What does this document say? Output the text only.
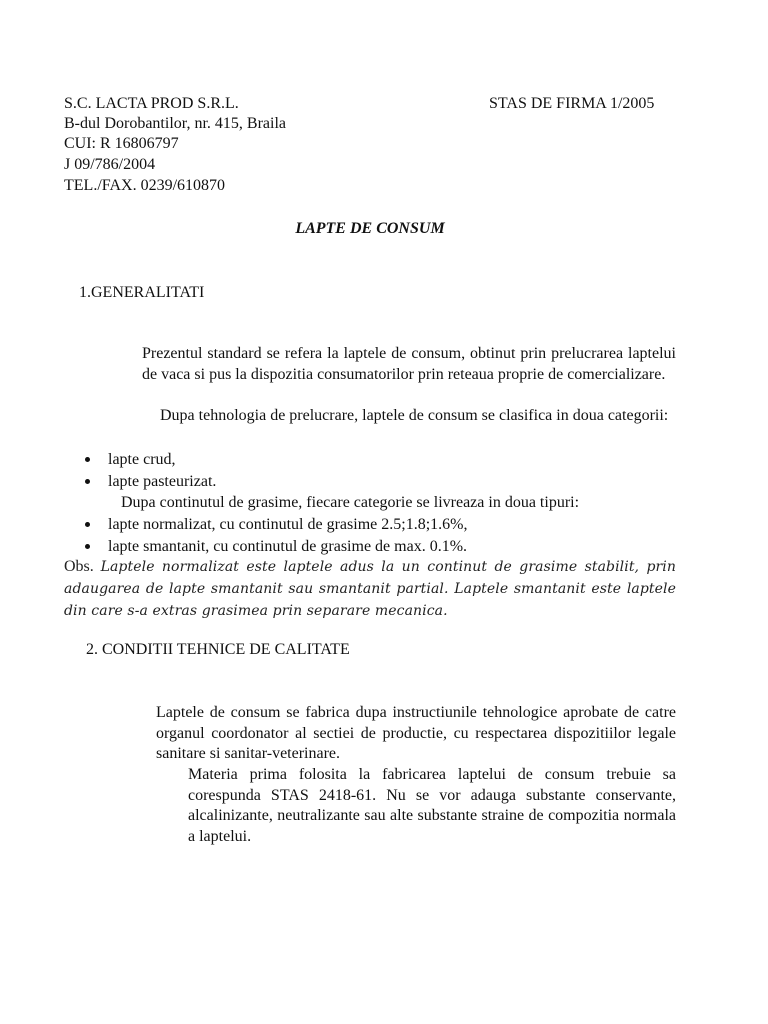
S.C. LACTA PROD S.R.L.
B-dul Dorobantilor, nr. 415, Braila
CUI: R 16806797
J 09/786/2004
TEL./FAX. 0239/610870
STAS DE FIRMA 1/2005
LAPTE DE CONSUM
1.GENERALITATI
Prezentul standard se refera la laptele de consum, obtinut prin prelucrarea laptelui de vaca si pus la dispozitia consumatorilor prin reteaua proprie de comercializare.
Dupa tehnologia de prelucrare, laptele de consum se clasifica in doua categorii:
lapte crud,
lapte pasteurizat.
Dupa continutul de grasime, fiecare categorie se livreaza in doua tipuri:
lapte normalizat, cu continutul de grasime 2.5;1.8;1.6%,
lapte smantanit, cu continutul de grasime de max. 0.1%.
Obs. Laptele normalizat este laptele adus la un continut de grasime stabilit, prin adaugarea de lapte smantanit sau smantanit partial. Laptele smantanit este laptele din care s-a extras grasimea prin separare mecanica.
2. CONDITII TEHNICE DE CALITATE
Laptele de consum se fabrica dupa instructiunile tehnologice aprobate de catre organul coordonator al sectiei de productie, cu respectarea dispozitiilor legale sanitare si sanitar-veterinare.
Materia prima folosita la fabricarea laptelui de consum trebuie sa corespunda STAS 2418-61. Nu se vor adauga substante conservante, alcalinizante, neutralizante sau alte substante straine de compozitia normala a laptelui.
